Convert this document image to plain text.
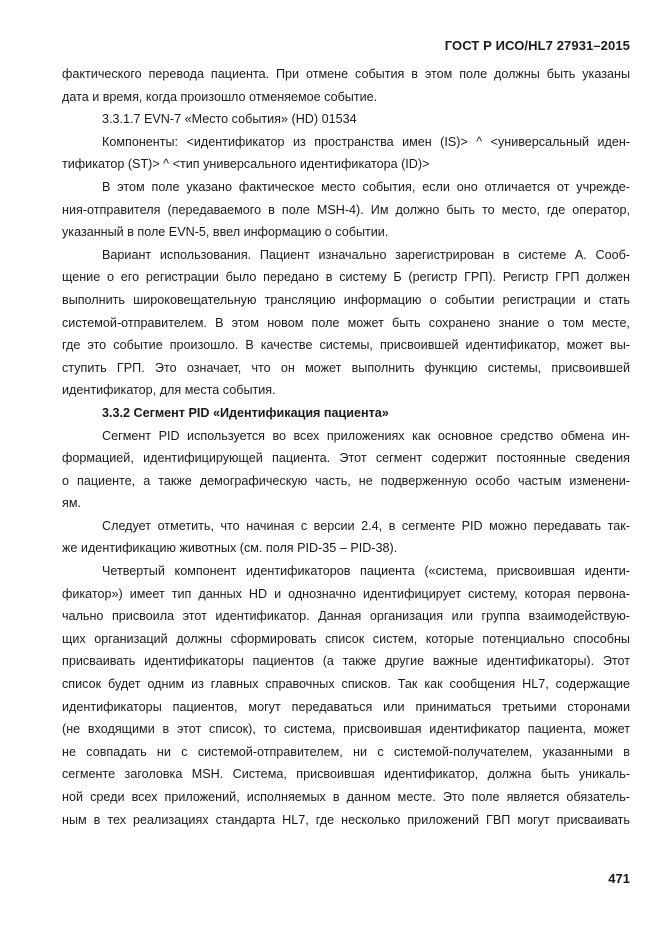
ГОСТ Р ИСО/HL7 27931–2015
фактического перевода пациента. При отмене события в этом поле должны быть указаны
дата и время, когда произошло отменяемое событие.
3.3.1.7 EVN-7 «Место события» (HD) 01534
Компоненты: <идентификатор из пространства имен (IS)> ^ <универсальный иден-
тификатор (ST)> ^ <тип универсального идентификатора (ID)>
В этом поле указано фактическое место события, если оно отличается от учрежде-
ния-отправителя (передаваемого в поле MSH-4). Им должно быть то место, где оператор,
указанный в поле EVN-5, ввел информацию о событии.
Вариант использования. Пациент изначально зарегистрирован в системе А. Сооб-
щение о его регистрации было передано в систему Б (регистр ГРП). Регистр ГРП должен
выполнить широковещательную трансляцию информацию о событии регистрации и стать
системой-отправителем. В этом новом поле может быть сохранено знание о том месте,
где это событие произошло. В качестве системы, присвоившей идентификатор, может вы-
ступить ГРП. Это означает, что он может выполнить функцию системы, присвоившей
идентификатор, для места события.
3.3.2 Сегмент PID «Идентификация пациента»
Сегмент PID используется во всех приложениях как основное средство обмена ин-
формацией, идентифицирующей пациента. Этот сегмент содержит постоянные сведения
о пациенте, а также демографическую часть, не подверженную особо частым изменени-
ям.
Следует отметить, что начиная с версии 2.4, в сегменте PID можно передавать так-
же идентификацию животных (см. поля PID-35 – PID-38).
Четвертый компонент идентификаторов пациента («система, присвоившая иденти-
фикатор») имеет тип данных HD и однозначно идентифицирует систему, которая первона-
чально присвоила этот идентификатор. Данная организация или группа взаимодействую-
щих организаций должны сформировать список систем, которые потенциально способны
присваивать идентификаторы пациентов (а также другие важные идентификаторы). Этот
список будет одним из главных справочных списков. Так как сообщения HL7, содержащие
идентификаторы пациентов, могут передаваться или приниматься третьими сторонами
(не входящими в этот список), то система, присвоившая идентификатор пациента, может
не совпадать ни с системой-отправителем, ни с системой-получателем, указанными в
сегменте заголовка MSH. Система, присвоившая идентификатор, должна быть уникаль-
ной среди всех приложений, исполняемых в данном месте. Это поле является обязатель-
ным в тех реализациях стандарта HL7, где несколько приложений ГВП могут присваивать
471
